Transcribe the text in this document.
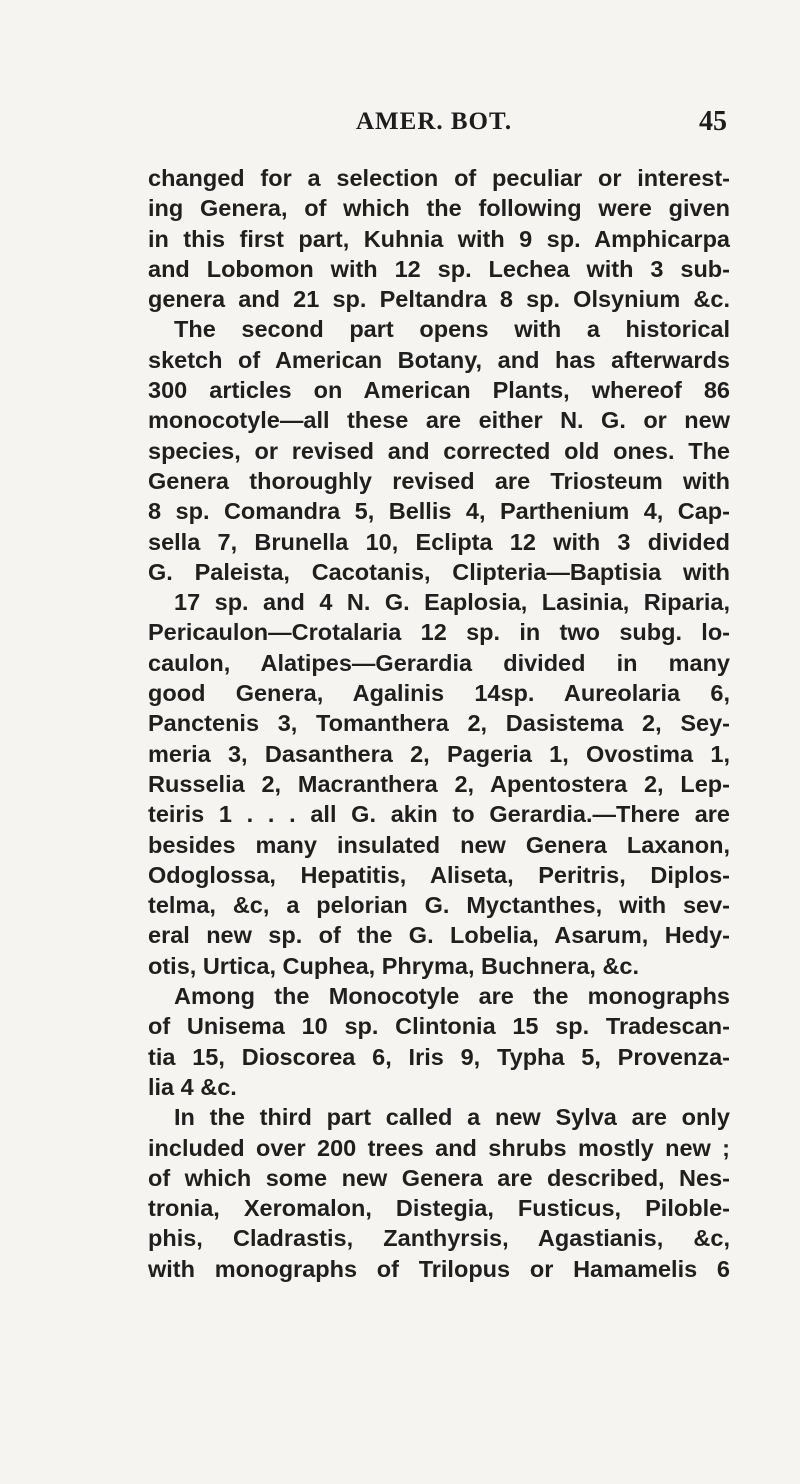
AMER. BOT.	45
changed for a selection of peculiar or interest-
ing Genera, of which the following were given
in this first part, Kuhnia with 9 sp. Amphicarpa
and Lobomon with 12 sp. Lechea with 3 sub-
genera and 21 sp. Peltandra 8 sp. Olsynium &c.
The second part opens with a historical
sketch of American Botany, and has afterwards
300 articles on American Plants, whereof 86
monocotyle—all these are either N. G. or new
species, or revised and corrected old ones. The
Genera thoroughly revised are Triosteum with
8 sp. Comandra 5, Bellis 4, Parthenium 4, Cap-
sella 7, Brunella 10, Eclipta 12 with 3 divided
G. Paleista, Cacotanis, Clipteria—Baptisia with
17 sp. and 4 N. G. Eaplosia, Lasinia, Riparia,
Pericaulon—Crotalaria 12 sp. in two subg. lo-
caulon, Alatipes—Gerardia divided in many
good Genera, Agalinis 14sp. Aureolaria 6,
Panctenis 3, Tomanthera 2, Dasistema 2, Sey-
meria 3, Dasanthera 2, Pageria 1, Ovostima 1,
Russelia 2, Macranthera 2, Apentostera 2, Lep-
teiris 1 . . . all G. akin to Gerardia.—There are
besides many insulated new Genera Laxanon,
Odoglossa, Hepatitis, Aliseta, Peritris, Diplos-
telma, &c, a pelorian G. Myctanthes, with sev-
eral new sp. of the G. Lobelia, Asarum, Hedy-
otis, Urtica, Cuphea, Phryma, Buchnera, &c.
Among the Monocotyle are the monographs
of Unisema 10 sp. Clintonia 15 sp. Tradescan-
tia 15, Dioscorea 6, Iris 9, Typha 5, Provenza-
lia 4 &c.
In the third part called a new Sylva are only
included over 200 trees and shrubs mostly new ;
of which some new Genera are described, Nes-
tronia, Xeromalon, Distegia, Fusticus, Piloble-
phis, Cladrastis, Zanthyrsis, Agastianis, &c,
with monographs of Trilopus or Hamamelis 6
